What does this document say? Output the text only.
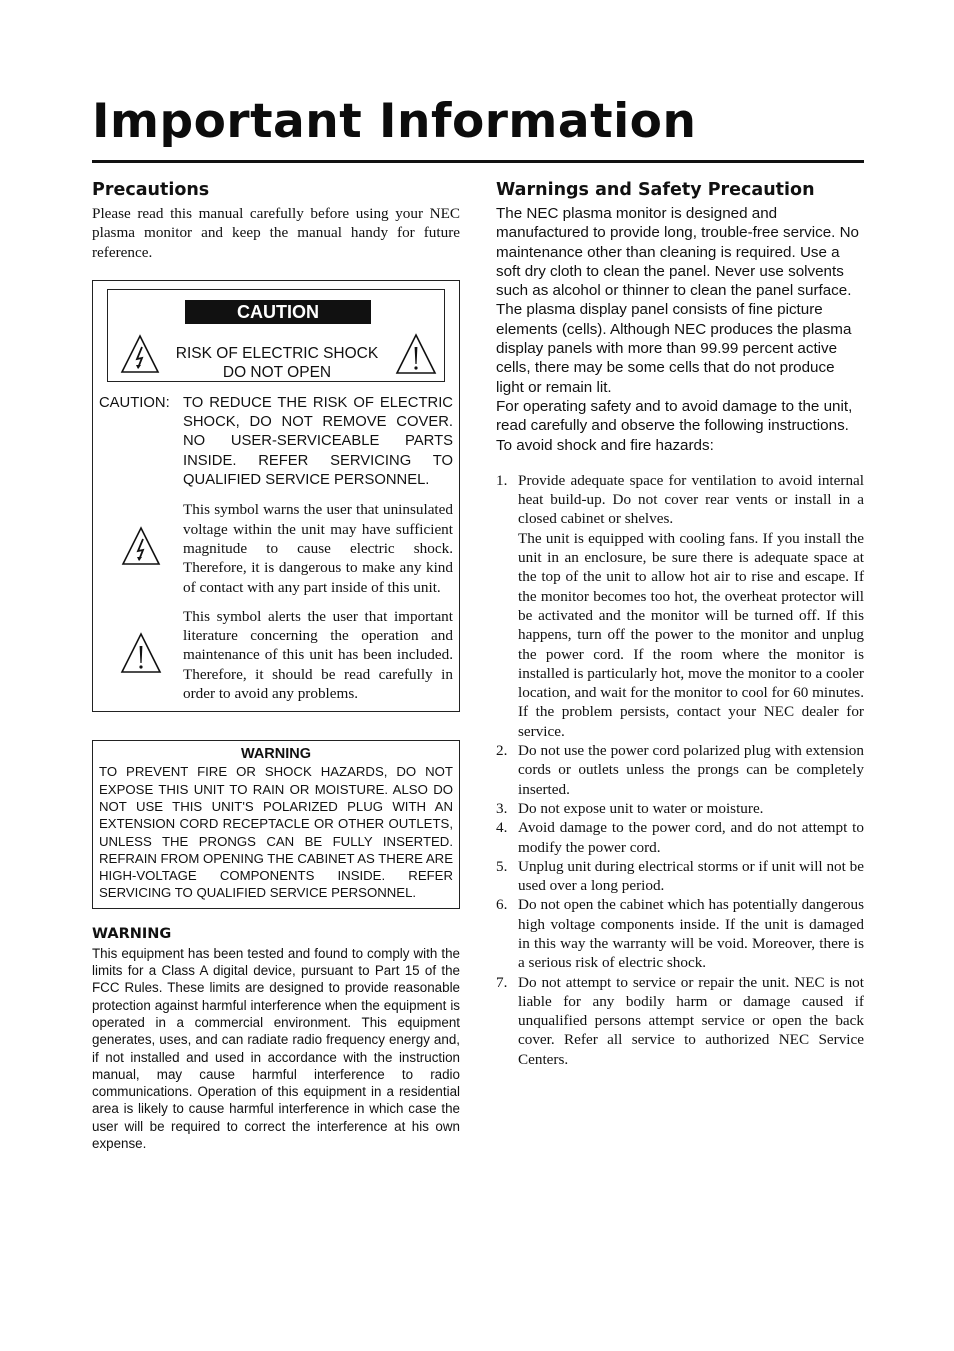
Important Information
Precautions

Please read this manual carefully before using your NEC plasma monitor and keep the manual handy for future reference.

CAUTION
RISK OF ELECTRIC SHOCK
DO NOT OPEN
CAUTION: TO REDUCE THE RISK OF ELECTRIC SHOCK, DO NOT REMOVE COVER. NO USER-SERVICEABLE PARTS INSIDE. REFER SERVICING TO QUALIFIED SERVICE PERSONNEL.

This symbol warns the user that uninsulated voltage within the unit may have sufficient magnitude to cause electric shock. Therefore, it is dangerous to make any kind of contact with any part inside of this unit.

This symbol alerts the user that important literature concerning the operation and maintenance of this unit has been included. Therefore, it should be read carefully in order to avoid any problems.

WARNING
TO PREVENT FIRE OR SHOCK HAZARDS, DO NOT EXPOSE THIS UNIT TO RAIN OR MOISTURE. ALSO DO NOT USE THIS UNIT'S POLARIZED PLUG WITH AN EXTENSION CORD RECEPTACLE OR OTHER OUTLETS, UNLESS THE PRONGS CAN BE FULLY INSERTED. REFRAIN FROM OPENING THE CABINET AS THERE ARE HIGH-VOLTAGE COMPONENTS INSIDE. REFER SERVICING TO QUALIFIED SERVICE PERSONNEL.
WARNING

This equipment has been tested and found to comply with the limits for a Class A digital device, pursuant to Part 15 of the FCC Rules. These limits are designed to provide reasonable protection against harmful interference when the equipment is operated in a commercial environment. This equipment generates, uses, and can radiate radio frequency energy and, if not installed and used in accordance with the instruction manual, may cause harmful interference to radio communications. Operation of this equipment in a residential area is likely to cause harmful interference in which case the user will be required to correct the interference at his own expense.

Warnings and Safety Precaution

The NEC plasma monitor is designed and manufactured to provide long, trouble-free service. No maintenance other than cleaning is required. Use a soft dry cloth to clean the panel. Never use solvents such as alcohol or thinner to clean the panel surface.

The plasma display panel consists of fine picture elements (cells). Although NEC produces the plasma display panels with more than 99.99 percent active cells, there may be some cells that do not produce light or remain lit.

For operating safety and to avoid damage to the unit, read carefully and observe the following instructions.

To avoid shock and fire hazards:

1. Provide adequate space for ventilation to avoid internal heat build-up. Do not cover rear vents or install in a closed cabinet or shelves.
The unit is equipped with cooling fans. If you install the unit in an enclosure, be sure there is adequate space at the top of the unit to allow hot air to rise and escape. If the monitor becomes too hot, the overheat protector will be activated and the monitor will be turned off. If this happens, turn off the power to the monitor and unplug the power cord. If the room where the monitor is installed is particularly hot, move the monitor to a cooler location, and wait for the monitor to cool for 60 minutes. If the problem persists, contact your NEC dealer for service.
2. Do not use the power cord polarized plug with extension cords or outlets unless the prongs can be completely inserted.
3. Do not expose unit to water or moisture.
4. Avoid damage to the power cord, and do not attempt to modify the power cord.
5. Unplug unit during electrical storms or if unit will not be used over a long period.
6. Do not open the cabinet which has potentially dangerous high voltage components inside. If the unit is damaged in this way the warranty will be void. Moreover, there is a serious risk of electric shock.
7. Do not attempt to service or repair the unit. NEC is not liable for any bodily harm or damage caused if unqualified persons attempt service or open the back cover. Refer all service to authorized NEC Service Centers.
